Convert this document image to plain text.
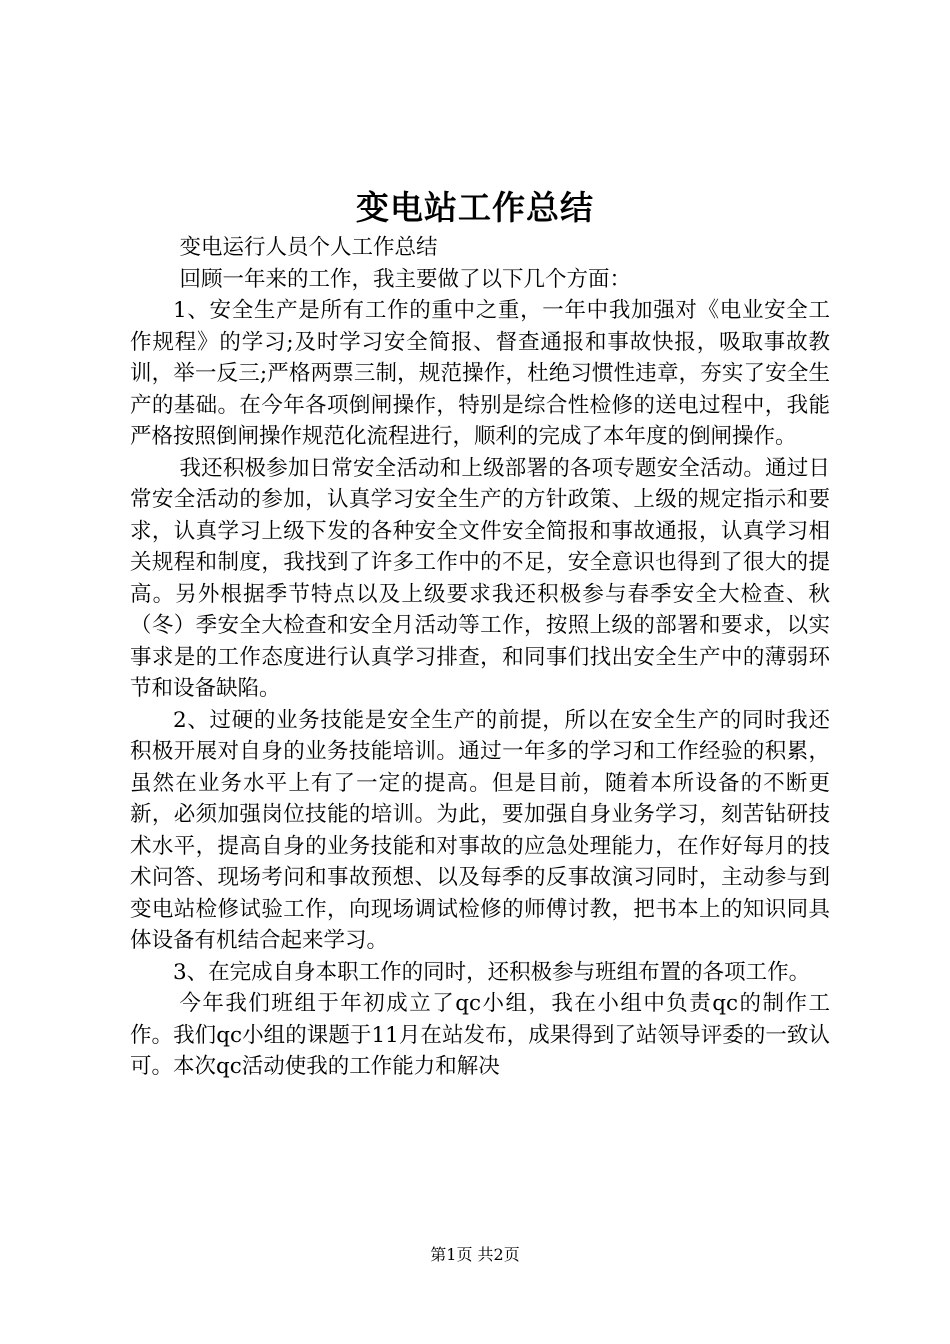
变电站工作总结

变电运行人员个人工作总结

回顾一年来的工作，我主要做了以下几个方面：

1、安全生产是所有工作的重中之重，一年中我加强对《电业安全工作规程》的学习;及时学习安全简报、督查通报和事故快报，吸取事故教训，举一反三;严格两票三制，规范操作，杜绝习惯性违章，夯实了安全生产的基础。在今年各项倒闸操作，特别是综合性检修的送电过程中，我能严格按照倒闸操作规范化流程进行，顺利的完成了本年度的倒闸操作。

我还积极参加日常安全活动和上级部署的各项专题安全活动。通过日常安全活动的参加，认真学习安全生产的方针政策、上级的规定指示和要求，认真学习上级下发的各种安全文件安全简报和事故通报，认真学习相关规程和制度，我找到了许多工作中的不足，安全意识也得到了很大的提高。另外根据季节特点以及上级要求我还积极参与春季安全大检查、秋（冬）季安全大检查和安全月活动等工作，按照上级的部署和要求，以实事求是的工作态度进行认真学习排查，和同事们找出安全生产中的薄弱环节和设备缺陷。

2、过硬的业务技能是安全生产的前提，所以在安全生产的同时我还积极开展对自身的业务技能培训。通过一年多的学习和工作经验的积累，虽然在业务水平上有了一定的提高。但是目前，随着本所设备的不断更新，必须加强岗位技能的培训。为此，要加强自身业务学习，刻苦钻研技术水平，提高自身的业务技能和对事故的应急处理能力，在作好每月的技术问答、现场考问和事故预想、以及每季的反事故演习同时，主动参与到变电站检修试验工作，向现场调试检修的师傅讨教，把书本上的知识同具体设备有机结合起来学习。

3、在完成自身本职工作的同时，还积极参与班组布置的各项工作。

今年我们班组于年初成立了qc小组，我在小组中负责qc的制作工作。我们qc小组的课题于11月在站发布，成果得到了站领导评委的一致认可。本次qc活动使我的工作能力和解决

第1页 共2页
